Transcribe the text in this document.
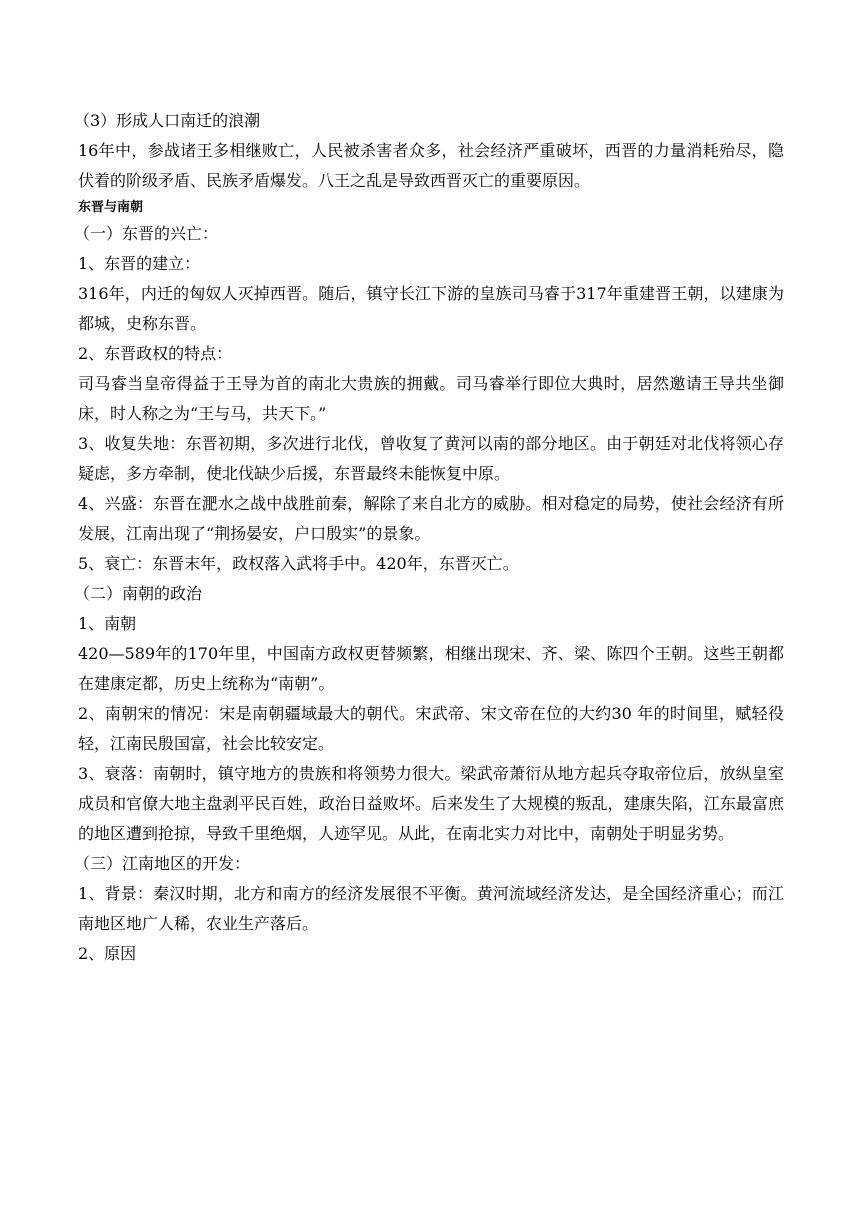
（3）形成人口南迁的浪潮

16年中，参战诸王多相继败亡，人民被杀害者众多，社会经济严重破坏，西晋的力量消耗殆尽，隐伏着的阶级矛盾、民族矛盾爆发。八王之乱是导致西晋灭亡的重要原因。

东晋与南朝

（一）东晋的兴亡：

1、东晋的建立：

316年，内迁的匈奴人灭掉西晋。随后，镇守长江下游的皇族司马睿于317年重建晋王朝，以建康为都城，史称东晋。

2、东晋政权的特点：

司马睿当皇帝得益于王导为首的南北大贵族的拥戴。司马睿举行即位大典时，居然邀请王导共坐御床，时人称之为“王与马，共天下。”

3、收复失地：东晋初期，多次进行北伐，曾收复了黄河以南的部分地区。由于朝廷对北伐将领心存疑虑，多方牵制，使北伐缺少后援，东晋最终未能恢复中原。

4、兴盛：东晋在淝水之战中战胜前秦，解除了来自北方的威胁。相对稳定的局势，使社会经济有所发展，江南出现了“荆扬晏安，户口殷实”的景象。

5、衰亡：东晋末年，政权落入武将手中。420年，东晋灭亡。

（二）南朝的政治

1、南朝

420—589年的170年里，中国南方政权更替频繁，相继出现宋、齐、梁、陈四个王朝。这些王朝都在建康定都，历史上统称为“南朝”。

2、南朝宋的情况：宋是南朝疆域最大的朝代。宋武帝、宋文帝在位的大约30 年的时间里，赋轻役轻，江南民殷国富，社会比较安定。

3、衰落：南朝时，镇守地方的贵族和将领势力很大。梁武帝萧衍从地方起兵夺取帝位后，放纵皇室成员和官僚大地主盘剥平民百姓，政治日益败坏。后来发生了大规模的叛乱，建康失陷，江东最富庶的地区遭到抢掠，导致千里绝烟，人迹罕见。从此，在南北实力对比中，南朝处于明显劣势。

（三）江南地区的开发：

1、背景：秦汉时期，北方和南方的经济发展很不平衡。黄河流域经济发达，是全国经济重心；而江南地区地广人稀，农业生产落后。

2、原因
